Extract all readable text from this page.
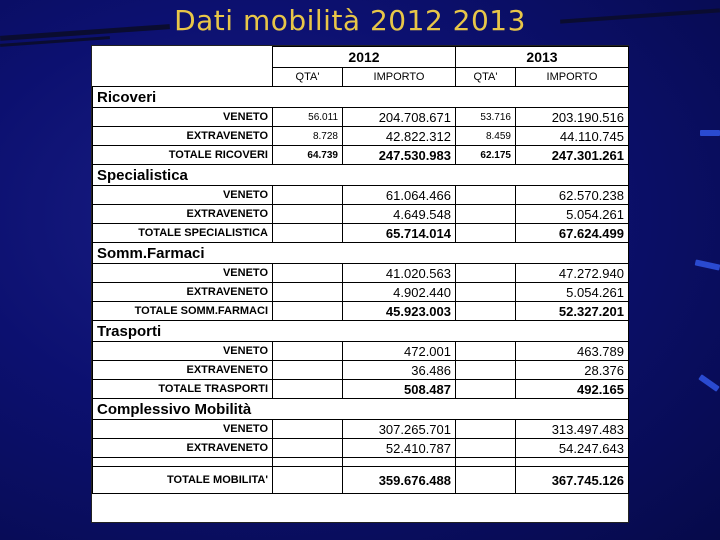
Dati mobilità 2012 2013
	2012		2013	
	QTA'	IMPORTO	QTA'	IMPORTO
Ricoveri				
VENETO	56.011	204.708.671	53.716	203.190.516
EXTRAVENETO	8.728	42.822.312	8.459	44.110.745
TOTALE RICOVERI	64.739	247.530.983	62.175	247.301.261
Specialistica				
VENETO		61.064.466		62.570.238
EXTRAVENETO		4.649.548		5.054.261
TOTALE SPECIALISTICA		65.714.014		67.624.499
Somm.Farmaci				
VENETO		41.020.563		47.272.940
EXTRAVENETO		4.902.440		5.054.261
TOTALE SOMM.FARMACI		45.923.003		52.327.201
Trasporti				
VENETO		472.001		463.789
EXTRAVENETO		36.486		28.376
TOTALE TRASPORTI		508.487		492.165
Complessivo Mobilità				
VENETO		307.265.701		313.497.483
EXTRAVENETO		52.410.787		54.247.643

TOTALE MOBILITA'		359.676.488		367.745.126
